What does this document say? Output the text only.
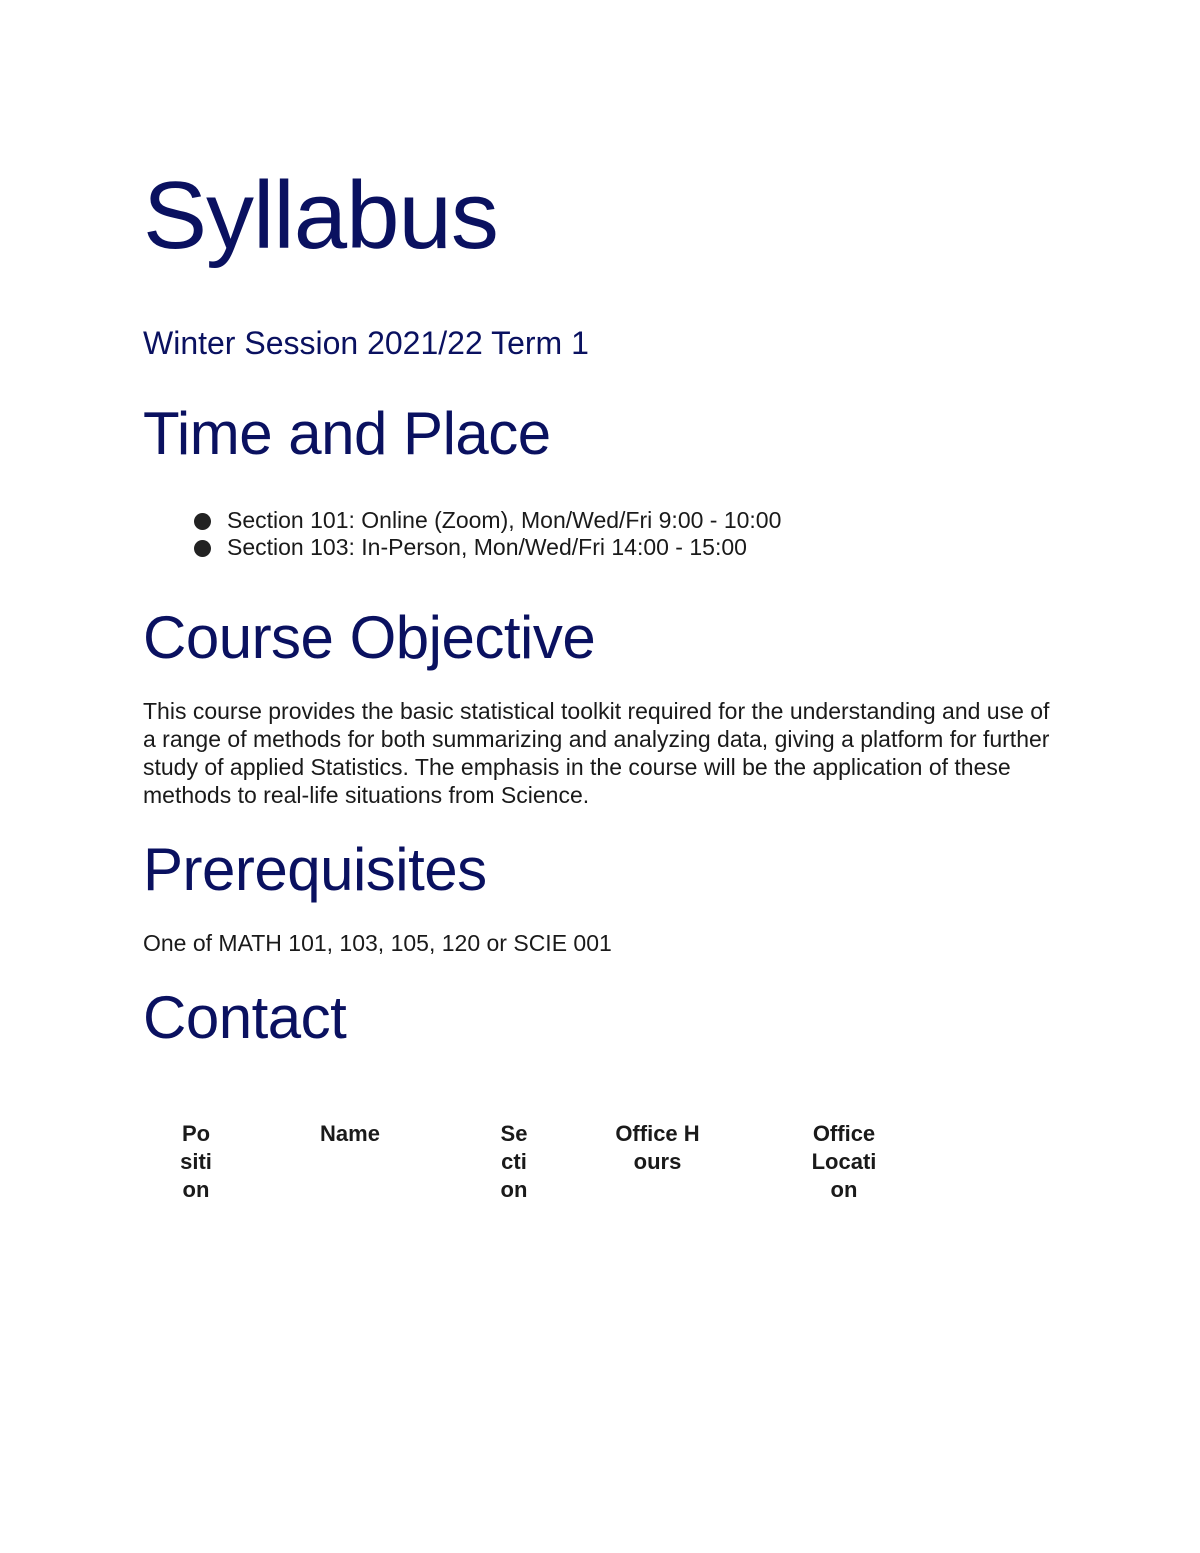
Syllabus

Winter Session 2021/22 Term 1

Time and Place
Section 101: Online (Zoom), Mon/Wed/Fri 9:00 - 10:00
Section 103: In-Person, Mon/Wed/Fri 14:00 - 15:00
Course Objective

This course provides the basic statistical toolkit required for the understanding and use of a range of methods for both summarizing and analyzing data, giving a platform for further study of applied Statistics. The emphasis in the course will be the application of these methods to real-life situations from Science.

Prerequisites

One of MATH 101, 103, 105, 120 or SCIE 001

Contact
Position
Name	Section
Office Hours
Office Location
